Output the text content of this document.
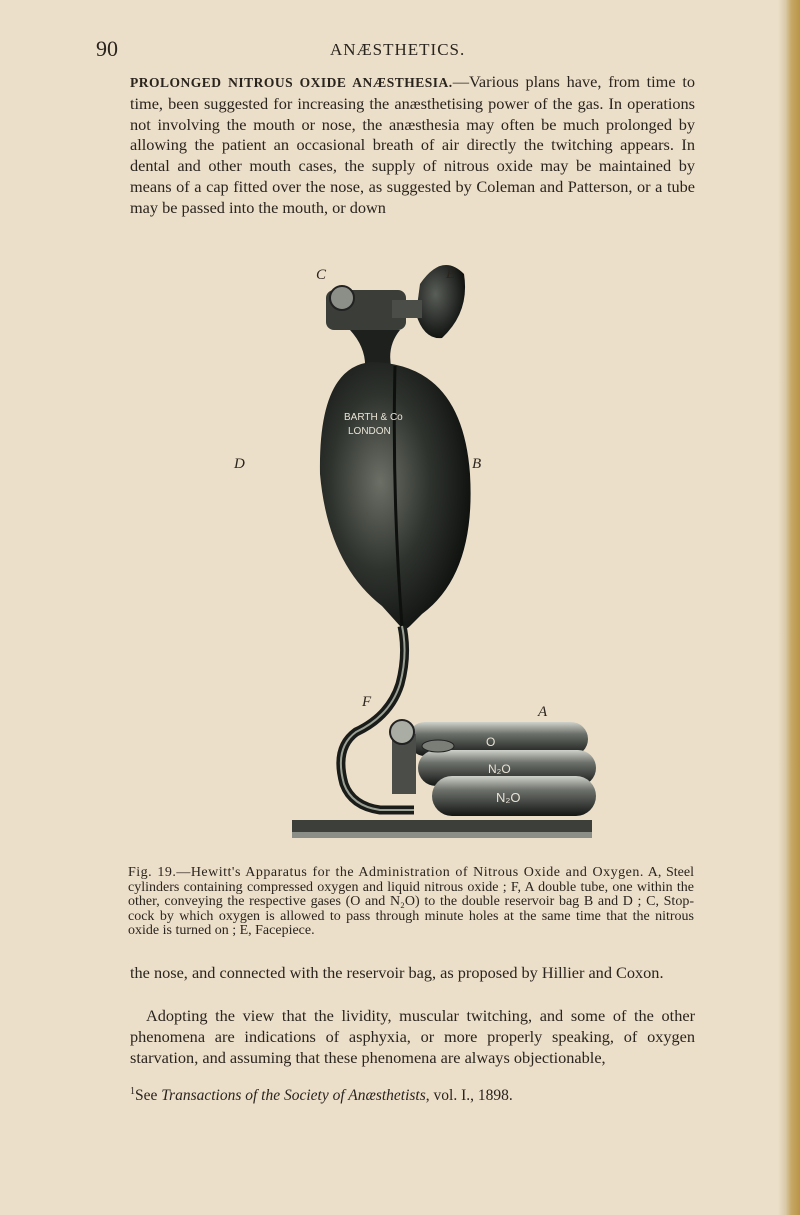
90	ANÆSTHETICS.
PROLONGED NITROUS OXIDE ANÆSTHESIA.—Various plans have, from time to time, been suggested for increasing the anæsthetising power of the gas. In operations not involving the mouth or nose, the anæsthesia may often be much prolonged by allowing the patient an occasional breath of air directly the twitching appears. In dental and other mouth cases, the supply of nitrous oxide may be maintained by means of a cap fitted over the nose, as suggested by Coleman and Patterson, or a tube may be passed into the mouth, or down
BARTH & Co
LONDON
O
N₂O
N₂O
C	E
D	B
F
A
Fig. 19.—Hewitt's Apparatus for the Administration of Nitrous Oxide and Oxygen. A, Steel cylinders containing compressed oxygen and liquid nitrous oxide ; F, A double tube, one within the other, conveying the respective gases (O and N₂O) to the double reservoir bag B and D ; C, Stop-cock by which oxygen is allowed to pass through minute holes at the same time that the nitrous oxide is turned on ; E, Facepiece.
the nose, and connected with the reservoir bag, as proposed by Hillier and Coxon.
Adopting the view that the lividity, muscular twitching, and some of the other phenomena are indications of asphyxia, or more properly speaking, of oxygen starvation, and assuming that these phenomena are always objectionable,
$^1$See Transactions of the Society of Anæsthetists, vol. I., 1898.
